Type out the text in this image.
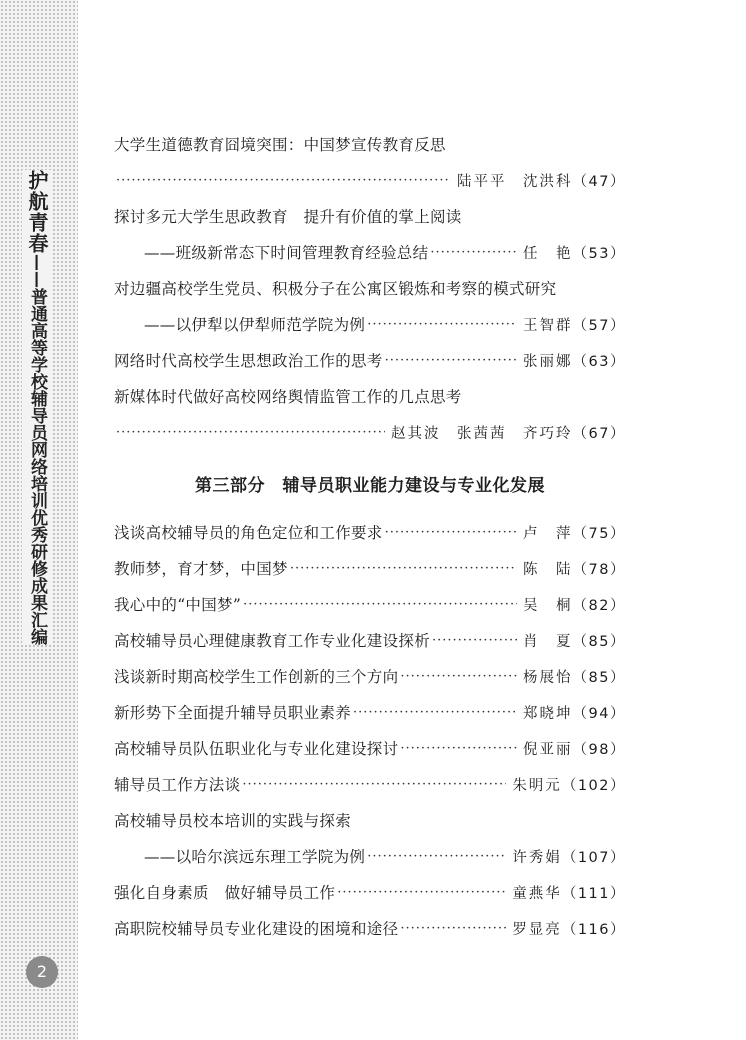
护航青春
——
普通高等学校辅导员网络培训优秀研修成果汇编
2
大学生道德教育囧境突围：中国梦宣传教育反思
·····
陆平平　沈洪科（47）
探讨多元大学生思政教育　提升有价值的掌上阅读
——班级新常态下时间管理教育经验总结 ·····	任　艳（53）
对边疆高校学生党员、积极分子在公寓区锻炼和考察的模式研究
——以伊犁以伊犁师范学院为例 ·····	王智群（57）
网络时代高校学生思想政治工作的思考 ·····	张丽娜（63）
新媒体时代做好高校网络舆情监管工作的几点思考
·····
赵其波　张茜茜　齐巧玲（67）
第三部分　辅导员职业能力建设与专业化发展
浅谈高校辅导员的角色定位和工作要求 ·····	卢　萍（75）
教师梦，育才梦，中国梦 ·····	陈　陆（78）
我心中的“中国梦” ·····	吴　桐（82）
高校辅导员心理健康教育工作专业化建设探析 ·····	肖　夏（85）
浅谈新时期高校学生工作创新的三个方向 ·····	杨展怡（85）
新形势下全面提升辅导员职业素养 ·····	郑晓坤（94）
高校辅导员队伍职业化与专业化建设探讨 ·····	倪亚丽（98）
辅导员工作方法谈 ·····	朱明元（102）
高校辅导员校本培训的实践与探索
——以哈尔滨远东理工学院为例 ·····	许秀娟（107）
强化自身素质　做好辅导员工作 ·····	童燕华（111）
高职院校辅导员专业化建设的困境和途径 ·····	罗显亮（116）
